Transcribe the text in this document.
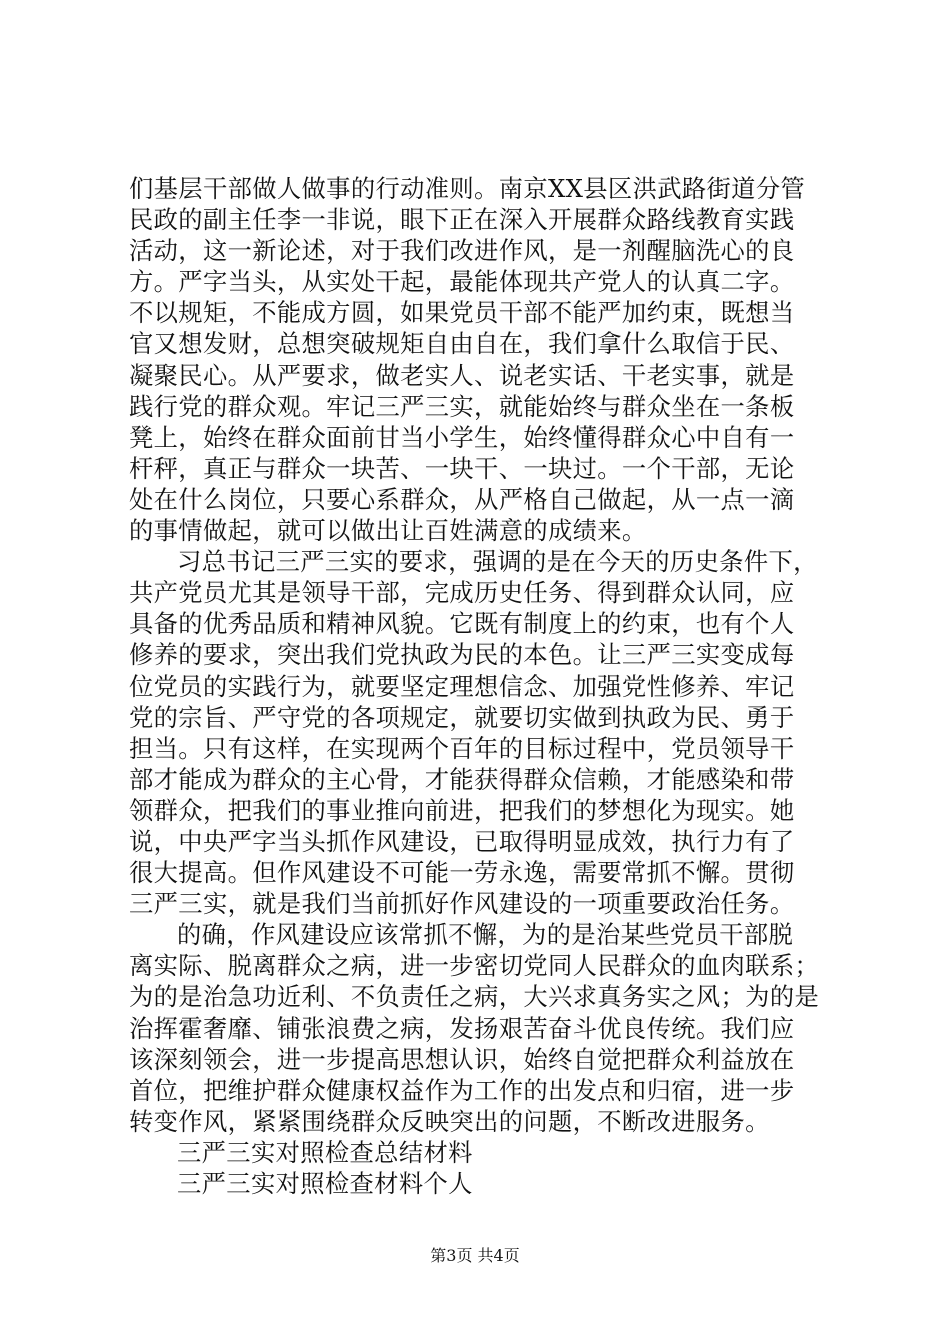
们基层干部做人做事的行动准则。南京XX县区洪武路街道分管
民政的副主任李一非说，眼下正在深入开展群众路线教育实践
活动，这一新论述，对于我们改进作风，是一剂醒脑洗心的良
方。严字当头，从实处干起，最能体现共产党人的认真二字。
不以规矩，不能成方圆，如果党员干部不能严加约束，既想当
官又想发财，总想突破规矩自由自在，我们拿什么取信于民、
凝聚民心。从严要求，做老实人、说老实话、干老实事，就是
践行党的群众观。牢记三严三实，就能始终与群众坐在一条板
凳上，始终在群众面前甘当小学生，始终懂得群众心中自有一
杆秤，真正与群众一块苦、一块干、一块过。一个干部，无论
处在什么岗位，只要心系群众，从严格自己做起，从一点一滴
的事情做起，就可以做出让百姓满意的成绩来。
习总书记三严三实的要求，强调的是在今天的历史条件下，
共产党员尤其是领导干部，完成历史任务、得到群众认同，应
具备的优秀品质和精神风貌。它既有制度上的约束，也有个人
修养的要求，突出我们党执政为民的本色。让三严三实变成每
位党员的实践行为，就要坚定理想信念、加强党性修养、牢记
党的宗旨、严守党的各项规定，就要切实做到执政为民、勇于
担当。只有这样，在实现两个百年的目标过程中，党员领导干
部才能成为群众的主心骨，才能获得群众信赖，才能感染和带
领群众，把我们的事业推向前进，把我们的梦想化为现实。她
说，中央严字当头抓作风建设，已取得明显成效，执行力有了
很大提高。但作风建设不可能一劳永逸，需要常抓不懈。贯彻
三严三实，就是我们当前抓好作风建设的一项重要政治任务。
的确，作风建设应该常抓不懈，为的是治某些党员干部脱
离实际、脱离群众之病，进一步密切党同人民群众的血肉联系；
为的是治急功近利、不负责任之病，大兴求真务实之风；为的是
治挥霍奢靡、铺张浪费之病，发扬艰苦奋斗优良传统。我们应
该深刻领会，进一步提高思想认识，始终自觉把群众利益放在
首位，把维护群众健康权益作为工作的出发点和归宿，进一步
转变作风，紧紧围绕群众反映突出的问题，不断改进服务。
三严三实对照检查总结材料
三严三实对照检查材料个人
第3页 共4页
